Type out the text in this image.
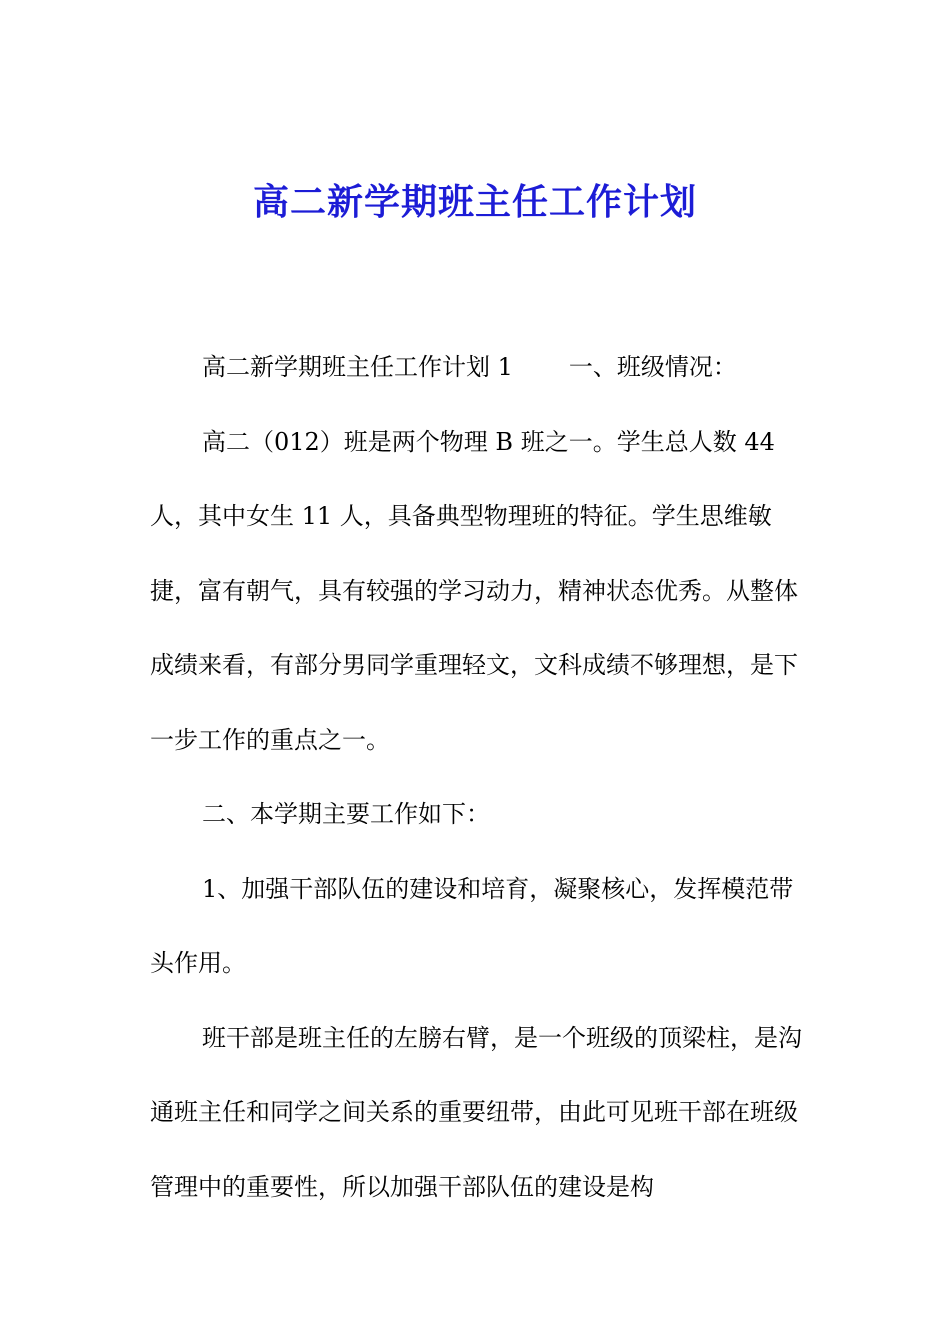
高二新学期班主任工作计划

高二新学期班主任工作计划 1 一、班级情况：

高二（012）班是两个物理 B 班之一。学生总人数 44 人，其中女生 11 人，具备典型物理班的特征。学生思维敏捷，富有朝气，具有较强的学习动力，精神状态优秀。从整体成绩来看，有部分男同学重理轻文，文科成绩不够理想，是下一步工作的重点之一。

二、本学期主要工作如下：

1、加强干部队伍的建设和培育，凝聚核心，发挥模范带头作用。

班干部是班主任的左膀右臂，是一个班级的顶梁柱，是沟通班主任和同学之间关系的重要纽带，由此可见班干部在班级管理中的重要性，所以加强干部队伍的建设是构
